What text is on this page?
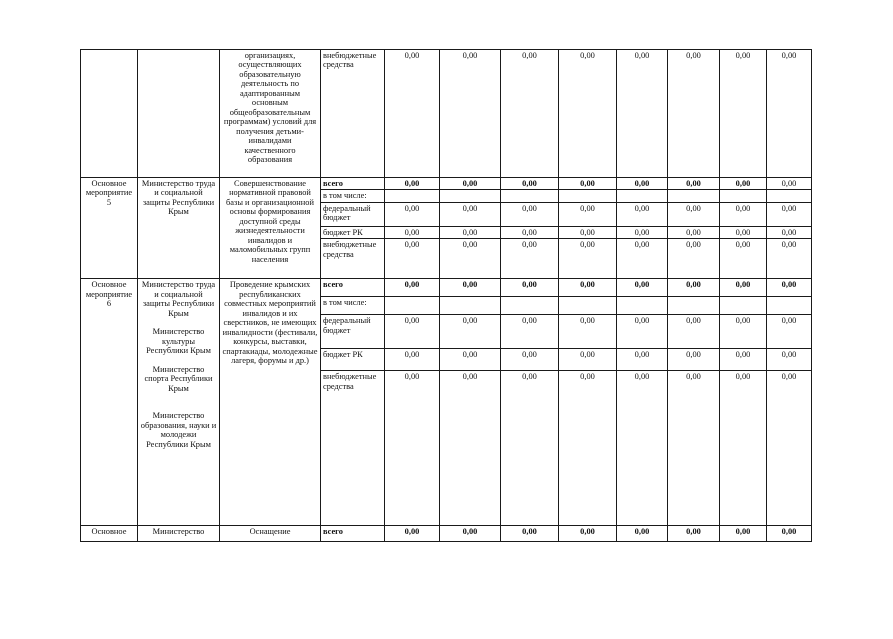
		организациях, осуществляющих образовательную деятельность по адаптированным основным общеобразовательным программам) условий для получения детьми-инвалидами качественного образования	внебюджетные средства	0,00	0,00	0,00	0,00	0,00	0,00	0,00	0,00
Основное мероприятие 5	Министерство труда и социальной защиты Республики Крым	Совершенствование нормативной правовой базы и организационной основы формирования доступной среды жизнедеятельности инвалидов и маломобильных групп населения	всего	0,00	0,00	0,00	0,00	0,00	0,00	0,00	0,00
			в том числе:								
			федеральный бюджет	0,00	0,00	0,00	0,00	0,00	0,00	0,00	0,00
			бюджет РК	0,00	0,00	0,00	0,00	0,00	0,00	0,00	0,00
			внебюджетные средства	0,00	0,00	0,00	0,00	0,00	0,00	0,00	0,00
Основное мероприятие 6	Министерство труда и социальной защиты Республики Крым
Министерство культуры Республики Крым
Министерство спорта Республики Крым
Министерство образования, науки и молодежи Республики Крым	Проведение крымских республиканских совместных мероприятий инвалидов и их сверстников, не имеющих инвалидности (фестивали, конкурсы, выставки, спартакиады, молодежные лагеря, форумы и др.)	всего	0,00	0,00	0,00	0,00	0,00	0,00	0,00	0,00
			в том числе:								
			федеральный бюджет	0,00	0,00	0,00	0,00	0,00	0,00	0,00	0,00
			бюджет РК	0,00	0,00	0,00	0,00	0,00	0,00	0,00	0,00
			внебюджетные средства	0,00	0,00	0,00	0,00	0,00	0,00	0,00	0,00
Основное	Министерство	Оснащение	всего	0,00	0,00	0,00	0,00	0,00	0,00	0,00	0,00
